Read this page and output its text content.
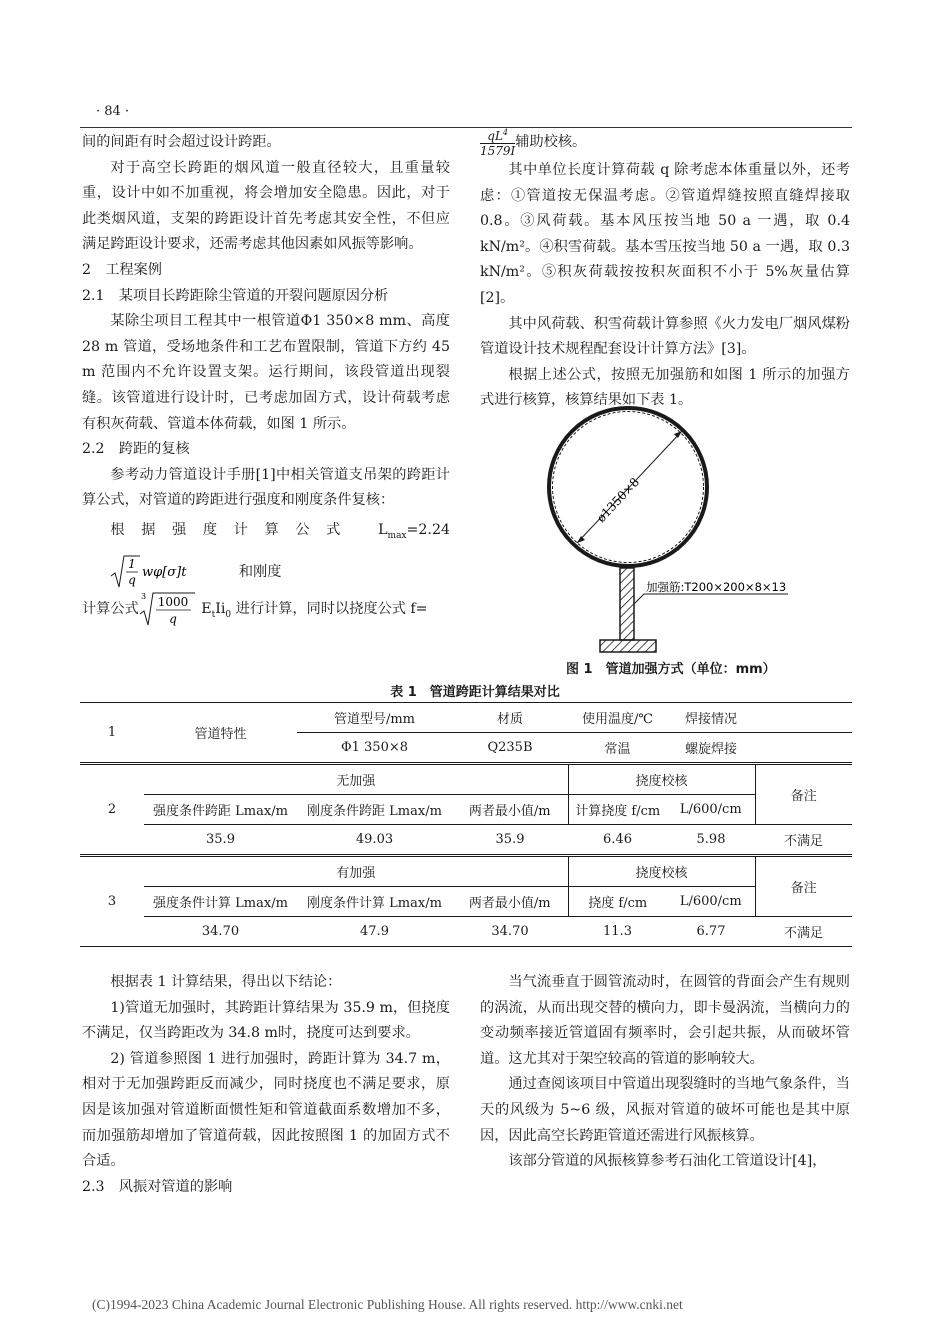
· 84 ·

间的间距有时会超过设计跨距。

对于高空长跨距的烟风道一般直径较大，且重量较重，设计中如不加重视，将会增加安全隐患。因此，对于此类烟风道，支架的跨距设计首先考虑其安全性，不但应满足跨距设计要求，还需考虑其他因素如风振等影响。

2　工程案例

2.1　某项目长跨距除尘管道的开裂问题原因分析

某除尘项目工程其中一根管道Φ1 350×8 mm、高度 28 m 管道，受场地条件和工艺布置限制，管道下方约 45 m 范围内不允许设置支架。运行期间，该段管道出现裂缝。该管道进行设计时，已考虑加固方式，设计荷载考虑有积灰荷载、管道本体荷载，如图 1 所示。

2.2　跨距的复核

参考动力管道设计手册[1]中相关管道支吊架的跨距计算公式，对管道的跨距进行强度和刚度条件复核：

根据强度计算公式 $L_{max}=2.24$
1
q wφ[σ]t	和刚度

计算公式
3 1000
q
$E_tIi_0$ 进行计算，同时以挠度公式 f=

$\frac{qL^4}{1579I}$ 辅助校核。

其中单位长度计算荷载 q 除考虑本体重量以外，还考虑：①管道按无保温考虑。②管道焊缝按照直缝焊接取 0.8。③风荷载。基本风压按当地 50 a 一遇，取 0.4 kN/m²。④积雪荷载。基本雪压按当地 50 a 一遇，取 0.3 kN/m²。⑤积灰荷载按按积灰面积不小于 5%灰量估算[2]。

其中风荷载、积雪荷载计算参照《火力发电厂烟风煤粉管道设计技术规程配套设计计算方法》[3]。

根据上述公式，按照无加强筋和如图 1 所示的加强方式进行核算，核算结果如下表 1。

ø1350×8
加强筋:T200×200×8×13
图 1　管道加强方式（单位：mm）
表 1　管道跨距计算结果对比
1	管道特性	管道型号/mm	材质	使用温度/℃	焊接情况	
		Φ1 350×8	Q235B	常温	螺旋焊接	
2	无加强			挠度校核		备注
	强度条件跨距 Lmax/m	刚度条件跨距 Lmax/m	两者最小值/m	计算挠度 f/cm	L/600/cm	
	35.9	49.03	35.9	6.46	5.98	不满足
3	有加强			挠度校核		备注
	强度条件计算 Lmax/m	刚度条件计算 Lmax/m	两者最小值/m	挠度 f/cm	L/600/cm	
	34.70	47.9	34.70	11.3	6.77	不满足

根据表 1 计算结果，得出以下结论：

1)管道无加强时，其跨距计算结果为 35.9 m，但挠度不满足，仅当跨距改为 34.8 m时，挠度可达到要求。

2) 管道参照图 1 进行加强时，跨距计算为 34.7 m，相对于无加强跨距反而减少，同时挠度也不满足要求，原因是该加强对管道断面惯性矩和管道截面系数增加不多，而加强筋却增加了管道荷载，因此按照图 1 的加固方式不合适。

2.3　风振对管道的影响

当气流垂直于圆管流动时，在圆管的背面会产生有规则的涡流，从而出现交替的横向力，即卡曼涡流，当横向力的变动频率接近管道固有频率时，会引起共振，从而破坏管道。这尤其对于架空较高的管道的影响较大。

通过查阅该项目中管道出现裂缝时的当地气象条件，当天的风级为 5~6 级，风振对管道的破坏可能也是其中原因，因此高空长跨距管道还需进行风振核算。

该部分管道的风振核算参考石油化工管道设计[4]，

(C)1994-2023 China Academic Journal Electronic Publishing House. All rights reserved. http://www.cnki.net
